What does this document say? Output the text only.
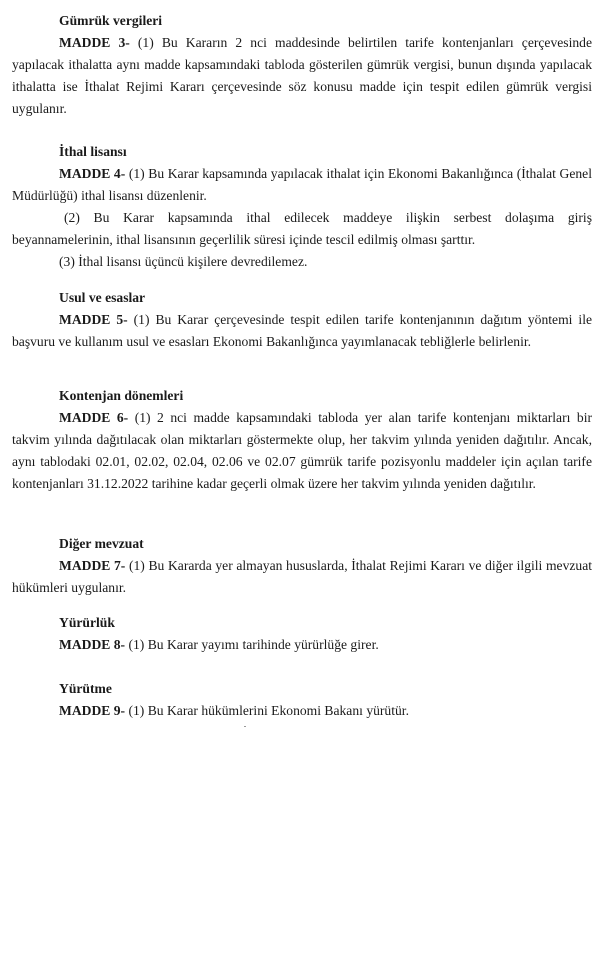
Gümrük vergileri

MADDE 3- (1) Bu Kararın 2 nci maddesinde belirtilen tarife kontenjanları çerçevesinde yapılacak ithalatta aynı madde kapsamındaki tabloda gösterilen gümrük vergisi, bunun dışında yapılacak ithalatta ise İthalat Rejimi Kararı çerçevesinde söz konusu madde için tespit edilen gümrük vergisi uygulanır.

İthal lisansı

MADDE 4- (1) Bu Karar kapsamında yapılacak ithalat için Ekonomi Bakanlığınca (İthalat Genel Müdürlüğü) ithal lisansı düzenlenir.

(2) Bu Karar kapsamında ithal edilecek maddeye ilişkin serbest dolaşıma giriş beyannamelerinin, ithal lisansının geçerlilik süresi içinde tescil edilmiş olması şarttır.

(3) İthal lisansı üçüncü kişilere devredilemez.

Usul ve esaslar

MADDE 5- (1) Bu Karar çerçevesinde tespit edilen tarife kontenjanının dağıtım yöntemi ile başvuru ve kullanım usul ve esasları Ekonomi Bakanlığınca yayımlanacak tebliğlerle belirlenir.

Kontenjan dönemleri

MADDE 6- (1) 2 nci madde kapsamındaki tabloda yer alan tarife kontenjanı miktarları bir takvim yılında dağıtılacak olan miktarları göstermekte olup, her takvim yılında yeniden dağıtılır. Ancak, aynı tablodaki 02.01, 02.02, 02.04, 02.06 ve 02.07 gümrük tarife pozisyonlu maddeler için açılan tarife kontenjanları 31.12.2022 tarihine kadar geçerli olmak üzere her takvim yılında yeniden dağıtılır.

Diğer mevzuat

MADDE 7- (1) Bu Kararda yer almayan hususlarda, İthalat Rejimi Kararı ve diğer ilgili mevzuat hükümleri uygulanır.

Yürürlük

MADDE 8- (1) Bu Karar yayımı tarihinde yürürlüğe girer.

Yürütme

MADDE 9- (1) Bu Karar hükümlerini Ekonomi Bakanı yürütür.
